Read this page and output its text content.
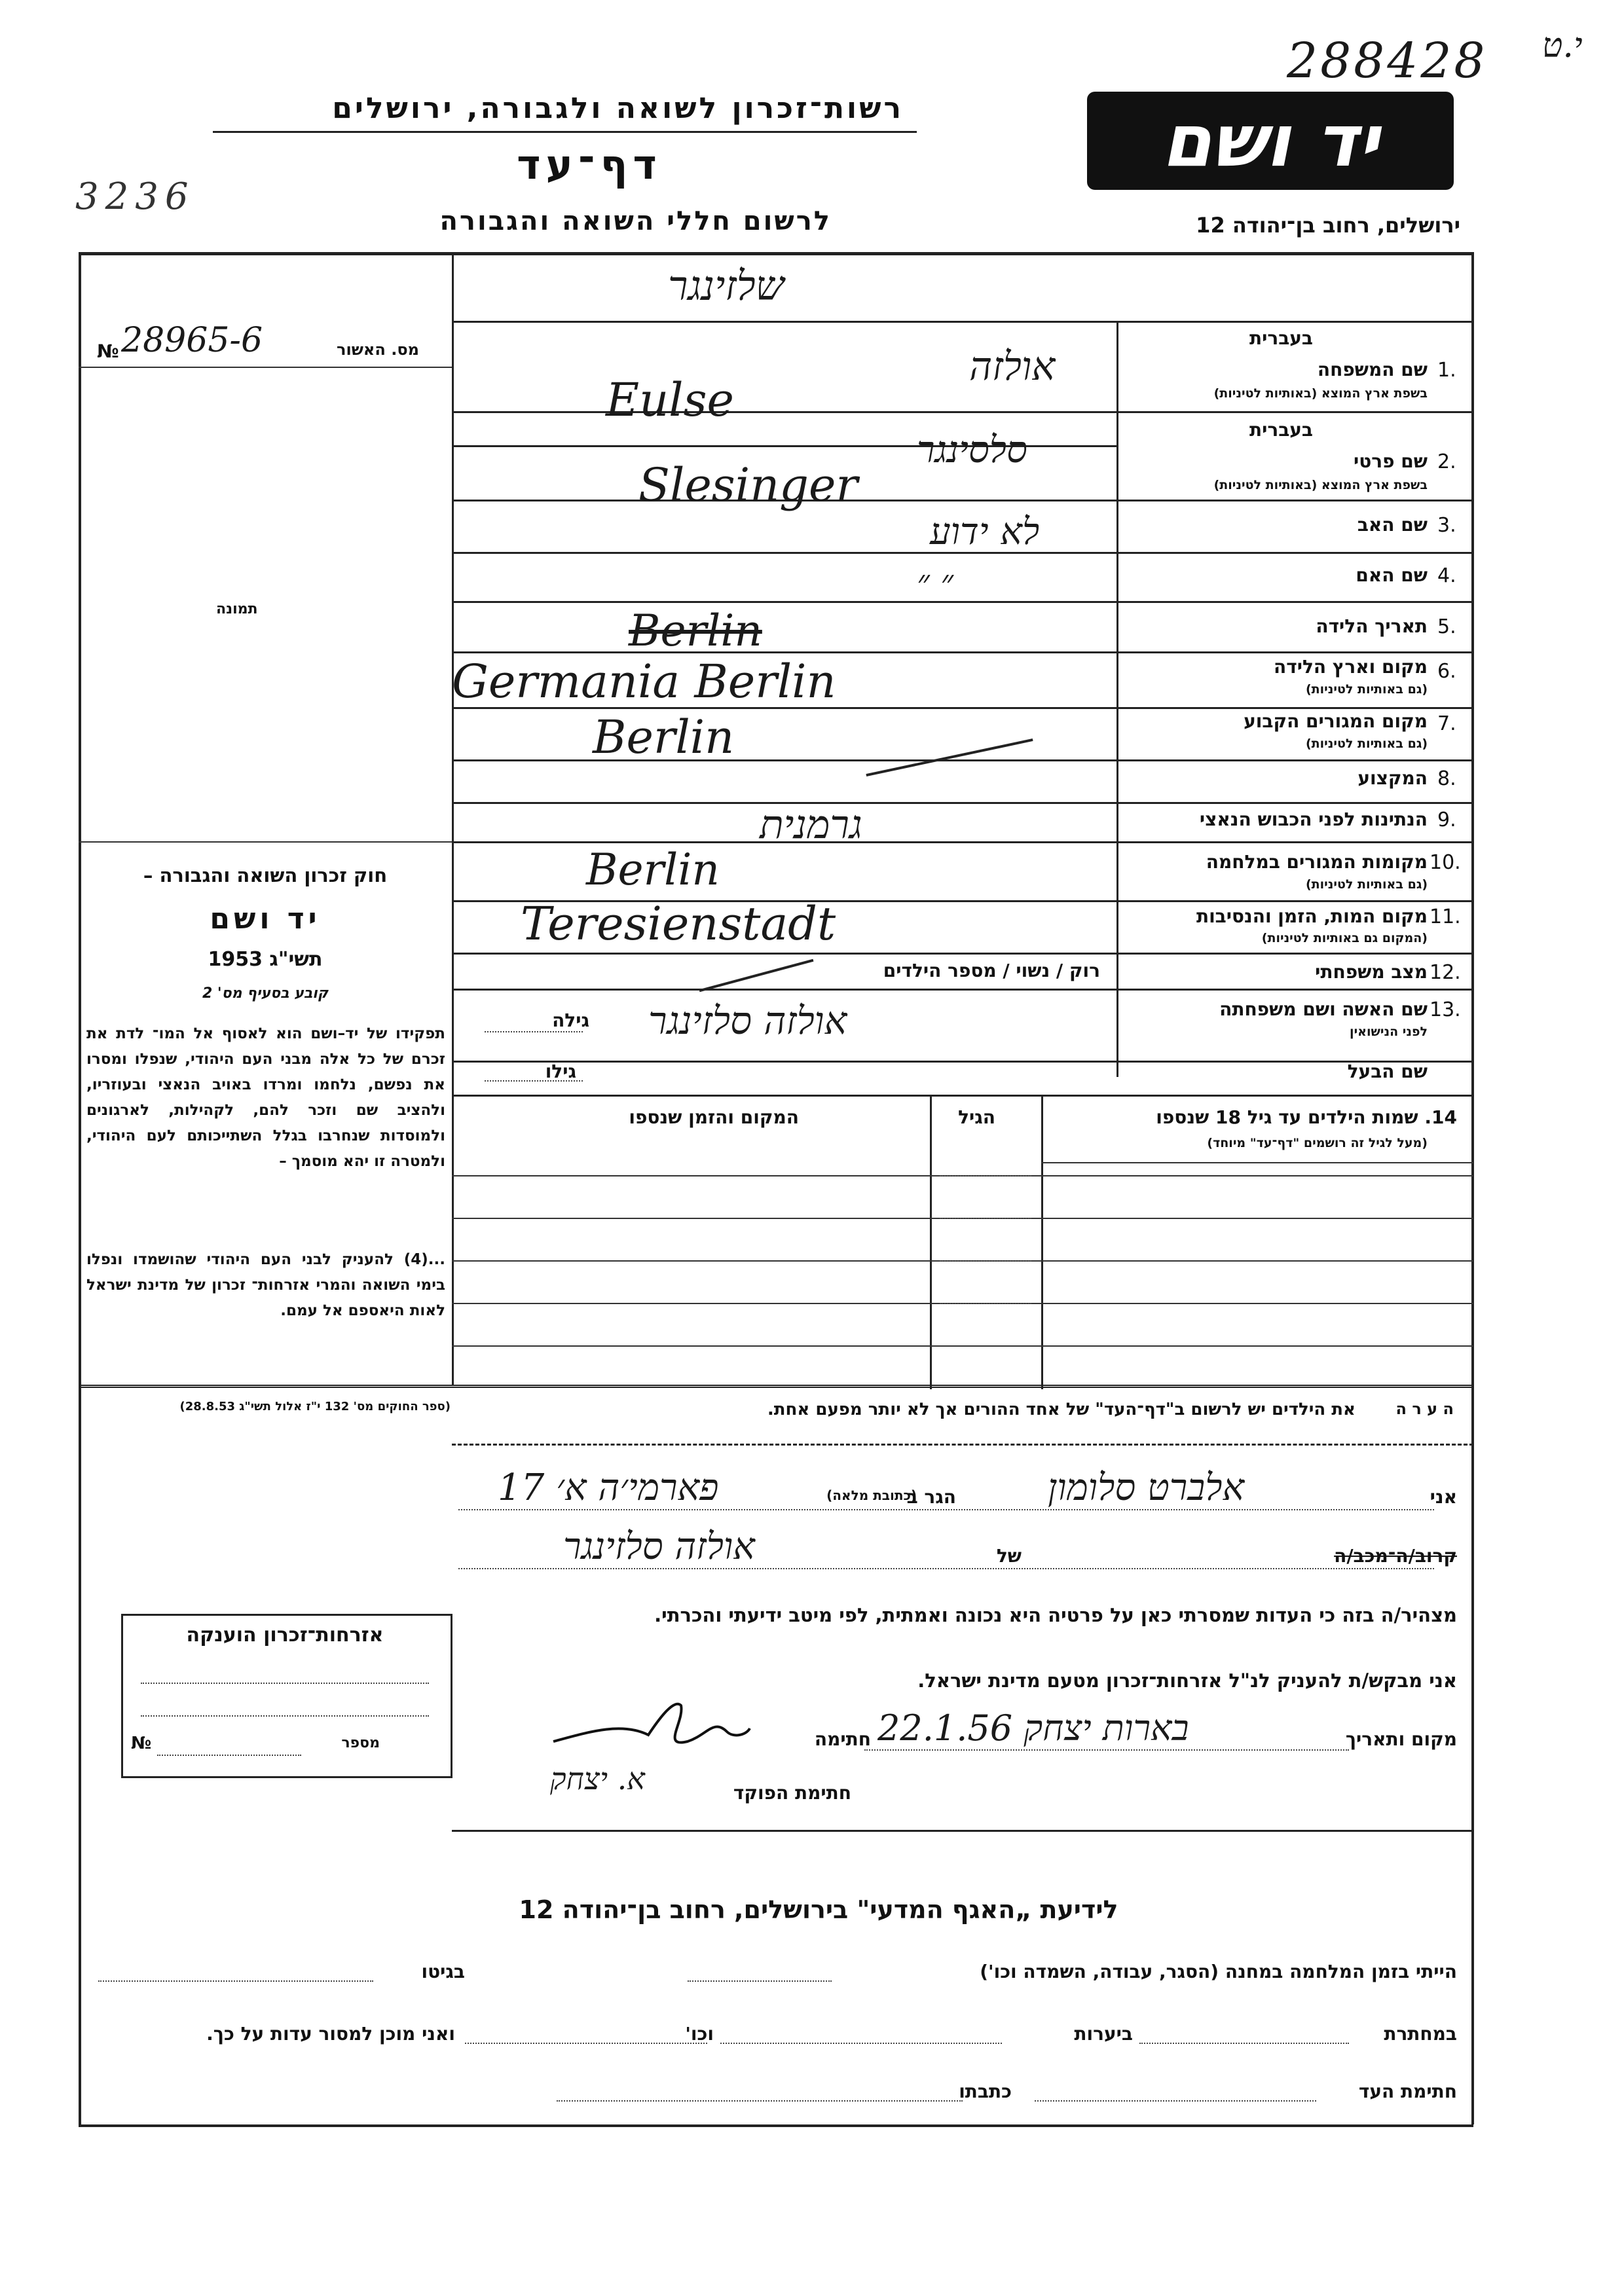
288428 י.ט
3236
רשות־זכרון לשואה ולגבורה, ירושלים
דף־עד
לרשום חללי השואה והגבורה
יד ושם
ירושלים, רחוב בן־יהודה 12
שלזינגר
מס. האשור
28965-6
№
תמונה
חוק זכרון השואה והגבורה –
יד ושם
תשי"ג 1953
קובע בסעיף מס' 2
תפקידו של יד–ושם הוא לאסוף אל המו־ לדת את זכרם של כל אלה מבני העם היהודי, שנפלו ומסרו את נפשם, נלחמו ומרדו באויב הנאצי ובעוזריו, ולהציב שם וזכר להם, לקהילות, לארגונים ולמוסדות שנחרבו בגלל השתייכותם לעם היהודי, ולמטרה זו יהא מוסמך –
...(4) להעניק לבני העם היהודי שהושמדו ונפלו בימי השואה והמרי אזרחות־ זכרון של מדינת ישראל לאות היאספם אל עמם.
(ספר החוקים מס' 132 י"ז אלול תשי"ג 28.8.53)
בעברית
1.
שם המשפחה
בשפת ארץ המוצא (באותיות לטיניות)
בעברית
2.
שם פרטי
בשפת ארץ המוצא (באותיות לטיניות)
3.
שם האב
4.
שם האם
5.
תאריך הלידה
6.
מקום וארץ הלידה
(גם באותיות לטיניות)
7.
מקום המגורים הקבוע
(גם באותיות לטיניות)
8.
המקצוע
9.
הנתינות לפני הכבוש הנאצי
10.
מקומות המגורים במלחמה
(גם באותיות לטיניות)
11.
מקום המות, הזמן והנסיבות
(המקום גם באותיות לטיניות)
12.
מצב משפחתי
רוק / נשוי / מספר הילדים
13.
שם האשה ושם משפחתה
לפני הנישואין
גילה
שם הבעל
גילו
אולזה
Eulse
סלסינגר
Slesinger
לא ידוע
״ ״
Berlin
Germania Berlin
Berlin
גרמנית
Berlin
Teresienstadt
אולזה סלזינגר
14. שמות הילדים עד גיל 18 שנספו
(מעל לגיל זה רושמים "דף־עד" מיוחד)
הגיל
המקום והזמן שנספו
ה ע ר ה
את הילדים יש לרשום ב"דף־העד" של אחד ההורים אך לא יותר מפעם אחת.
אני
אלברט סלומון
הגר ב
(כתובת מלאה)
פארמי׳ה א׳ 17
קרוב/ה־מכב/ה
של
אולזה סלזינגר
מצהיר/ה בזה כי העדות שמסרתי כאן על פרטיה היא נכונה ואמתית, לפי מיטב ידיעתי והכרתי.
אני מבקש/ת להעניק לנ"ל אזרחות־זכרון מטעם מדינת ישראל.
מקום ותאריך
בארות יצחק 22.1.56
חתימה
חתימת הפוקד
א. יצחק
אזרחות־זכרון הוענקה
מספר
№
לידיעת „האגף המדעי" בירושלים, רחוב בן־יהודה 12
הייתי בזמן המלחמה במחנה (הסגר, עבודה, השמדה וכו')
בגיטו
במחתרת
ביערות
וכו'
ואני מוכן למסור עדות על כך.
חתימת העד
כתבתו
